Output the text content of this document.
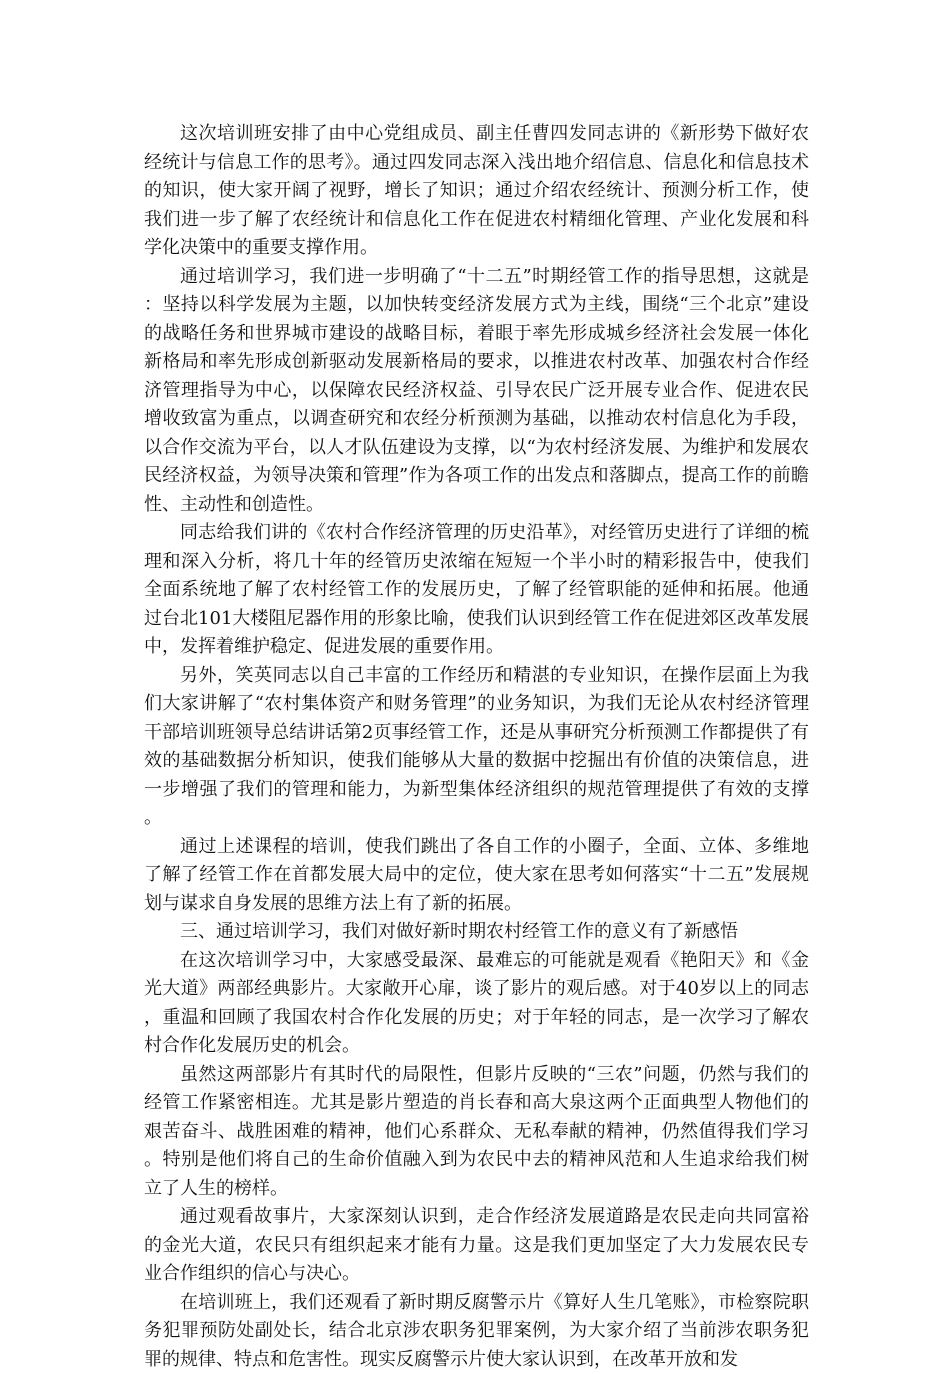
这次培训班安排了由中心党组成员、副主任曹四发同志讲的《新形势下做好农经统计与信息工作的思考》。通过四发同志深入浅出地介绍信息、信息化和信息技术的知识，使大家开阔了视野，增长了知识；通过介绍农经统计、预测分析工作，使我们进一步了解了农经统计和信息化工作在促进农村精细化管理、产业化发展和科学化决策中的重要支撑作用。

通过培训学习，我们进一步明确了“十二五”时期经管工作的指导思想，这就是：坚持以科学发展为主题，以加快转变经济发展方式为主线，围绕“三个北京”建设的战略任务和世界城市建设的战略目标，着眼于率先形成城乡经济社会发展一体化新格局和率先形成创新驱动发展新格局的要求，以推进农村改革、加强农村合作经济管理指导为中心，以保障农民经济权益、引导农民广泛开展专业合作、促进农民增收致富为重点，以调查研究和农经分析预测为基础，以推动农村信息化为手段，以合作交流为平台，以人才队伍建设为支撑，以“为农村经济发展、为维护和发展农民经济权益，为领导决策和管理”作为各项工作的出发点和落脚点，提高工作的前瞻性、主动性和创造性。

同志给我们讲的《农村合作经济管理的历史沿革》，对经管历史进行了详细的梳理和深入分析，将几十年的经管历史浓缩在短短一个半小时的精彩报告中，使我们全面系统地了解了农村经管工作的发展历史，了解了经管职能的延伸和拓展。他通过台北101大楼阻尼器作用的形象比喻，使我们认识到经管工作在促进郊区改革发展中，发挥着维护稳定、促进发展的重要作用。

另外，笑英同志以自己丰富的工作经历和精湛的专业知识，在操作层面上为我们大家讲解了“农村集体资产和财务管理”的业务知识，为我们无论从农村经济管理干部培训班领导总结讲话第2页事经管工作，还是从事研究分析预测工作都提供了有效的基础数据分析知识，使我们能够从大量的数据中挖掘出有价值的决策信息，进一步增强了我们的管理和能力，为新型集体经济组织的规范管理提供了有效的支撑。

通过上述课程的培训，使我们跳出了各自工作的小圈子，全面、立体、多维地了解了经管工作在首都发展大局中的定位，使大家在思考如何落实“十二五”发展规划与谋求自身发展的思维方法上有了新的拓展。

三、通过培训学习，我们对做好新时期农村经管工作的意义有了新感悟

在这次培训学习中，大家感受最深、最难忘的可能就是观看《艳阳天》和《金光大道》两部经典影片。大家敞开心扉，谈了影片的观后感。对于40岁以上的同志，重温和回顾了我国农村合作化发展的历史；对于年轻的同志，是一次学习了解农村合作化发展历史的机会。

虽然这两部影片有其时代的局限性，但影片反映的“三农”问题，仍然与我们的经管工作紧密相连。尤其是影片塑造的肖长春和高大泉这两个正面典型人物他们的艰苦奋斗、战胜困难的精神，他们心系群众、无私奉献的精神，仍然值得我们学习。特别是他们将自己的生命价值融入到为农民中去的精神风范和人生追求给我们树立了人生的榜样。

通过观看故事片，大家深刻认识到，走合作经济发展道路是农民走向共同富裕的金光大道，农民只有组织起来才能有力量。这是我们更加坚定了大力发展农民专业合作组织的信心与决心。

在培训班上，我们还观看了新时期反腐警示片《算好人生几笔账》，市检察院职务犯罪预防处副处长，结合北京涉农职务犯罪案例，为大家介绍了当前涉农职务犯罪的规律、特点和危害性。现实反腐警示片使大家认识到，在改革开放和发
